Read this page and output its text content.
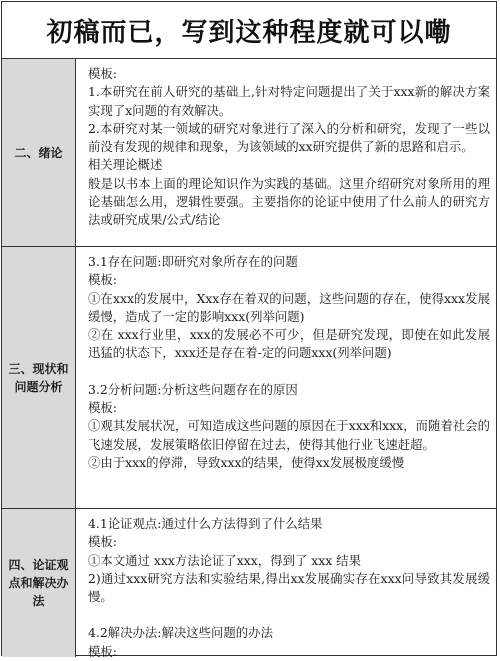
初稿而已，写到这种程度就可以嘞
二、绪论

模板:

1.本研究在前人研究的基础上,针对特定问题提出了关于xxx新的解决方案实现了x问题的有效解决。

2.本研究对某一领域的研究对象进行了深入的分析和研究，发现了一些以前没有发现的规律和现象，为该领域的xx研究提供了新的思路和启示。

相关理论概述

般是以书本上面的理论知识作为实践的基础。这里介绍研究对象所用的理论基础怎么用，逻辑性要强。主要指你的论证中使用了什么前人的研究方法或研究成果/公式/结论

三、现状和问题分析

3.1存在问题:即研究对象所存在的问题

模板:

①在xxx的发展中，Xxx存在着双的问题，这些问题的存在，使得xxx发展缓慢，造成了一定的影响xxx(列举问题)

②在 xxx行业里，xxx的发展必不可少，但是研究发现，即使在如此发展迅猛的状态下，xxx还是存在着-定的问题xxx(列举问题)

3.2分析问题:分析这些问题存在的原因

模板:

①观其发展状况，可知造成这些问题的原因在于xxx和xxx，而随着社会的飞速发展，发展策略依旧停留在过去，使得其他行业飞速赶超。

②由于xxx的停滞，导致xxx的结果，使得xx发展极度缓慢

四、论证观点和解决办法

4.1论证观点:通过什么方法得到了什么结果

模板:

①本文通过 xxx方法论证了xxx，得到了 xxx 结果

2)通过xxx研究方法和实验结果,得出xx发展确实存在xxx问导致其发展缓慢。

4.2解决办法:解决这些问题的办法

模板:
